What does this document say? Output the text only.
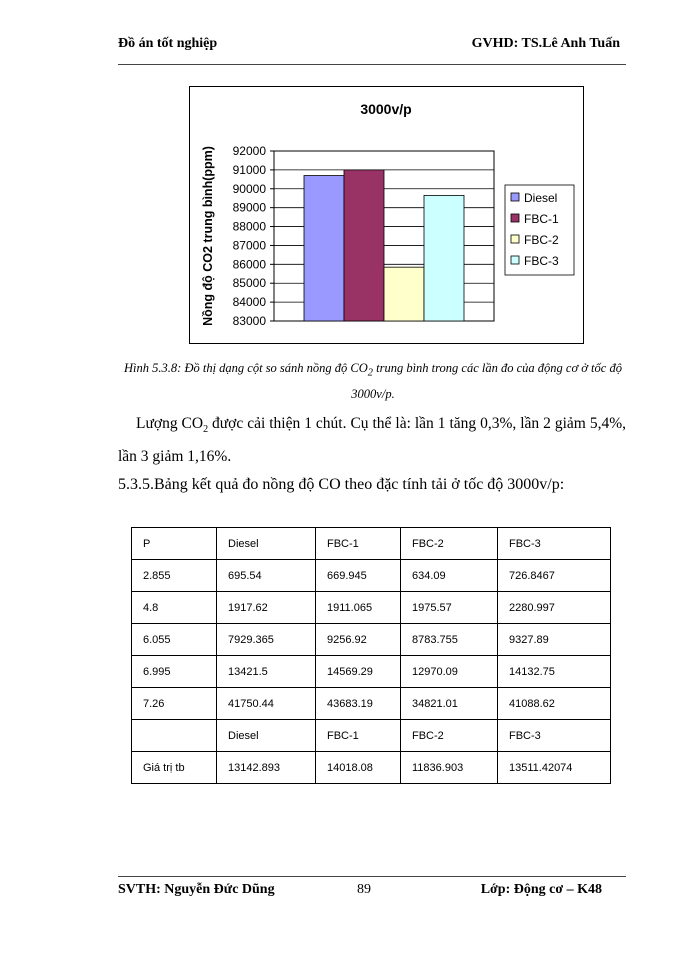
Đồ án tốt nghiệp	GVHD: TS.Lê Anh Tuấn
3000v/p
83000
84000
85000
86000
87000
88000
89000
90000
91000
92000
Nồng độ CO2 trung bình(ppm)	Diesel
FBC-1
FBC-2
FBC-3
Hình 5.3.8: Đồ thị dạng cột so sánh nồng độ $CO_2$ trung bình trong các lần đo của động cơ ở tốc độ 3000v/p.
Lượng $CO_2$ được cải thiện 1 chút. Cụ thể là: lần 1 tăng 0,3%, lần 2 giảm 5,4%, lần 3 giảm 1,16%.
5.3.5.Bảng kết quả đo nồng độ CO theo đặc tính tải ở tốc độ 3000v/p:
P	Diesel	FBC-1	FBC-2	FBC-3
2.855	695.54	669.945	634.09	726.8467
4.8	1917.62	1911.065	1975.57	2280.997
6.055	7929.365	9256.92	8783.755	9327.89
6.995	13421.5	14569.29	12970.09	14132.75
7.26	41750.44	43683.19	34821.01	41088.62
	Diesel	FBC-1	FBC-2	FBC-3
Giá trị tb	13142.893	14018.08	11836.903	13511.42074
SVTH: Nguyễn Đức Dũng	89	Lớp: Động cơ – K48
